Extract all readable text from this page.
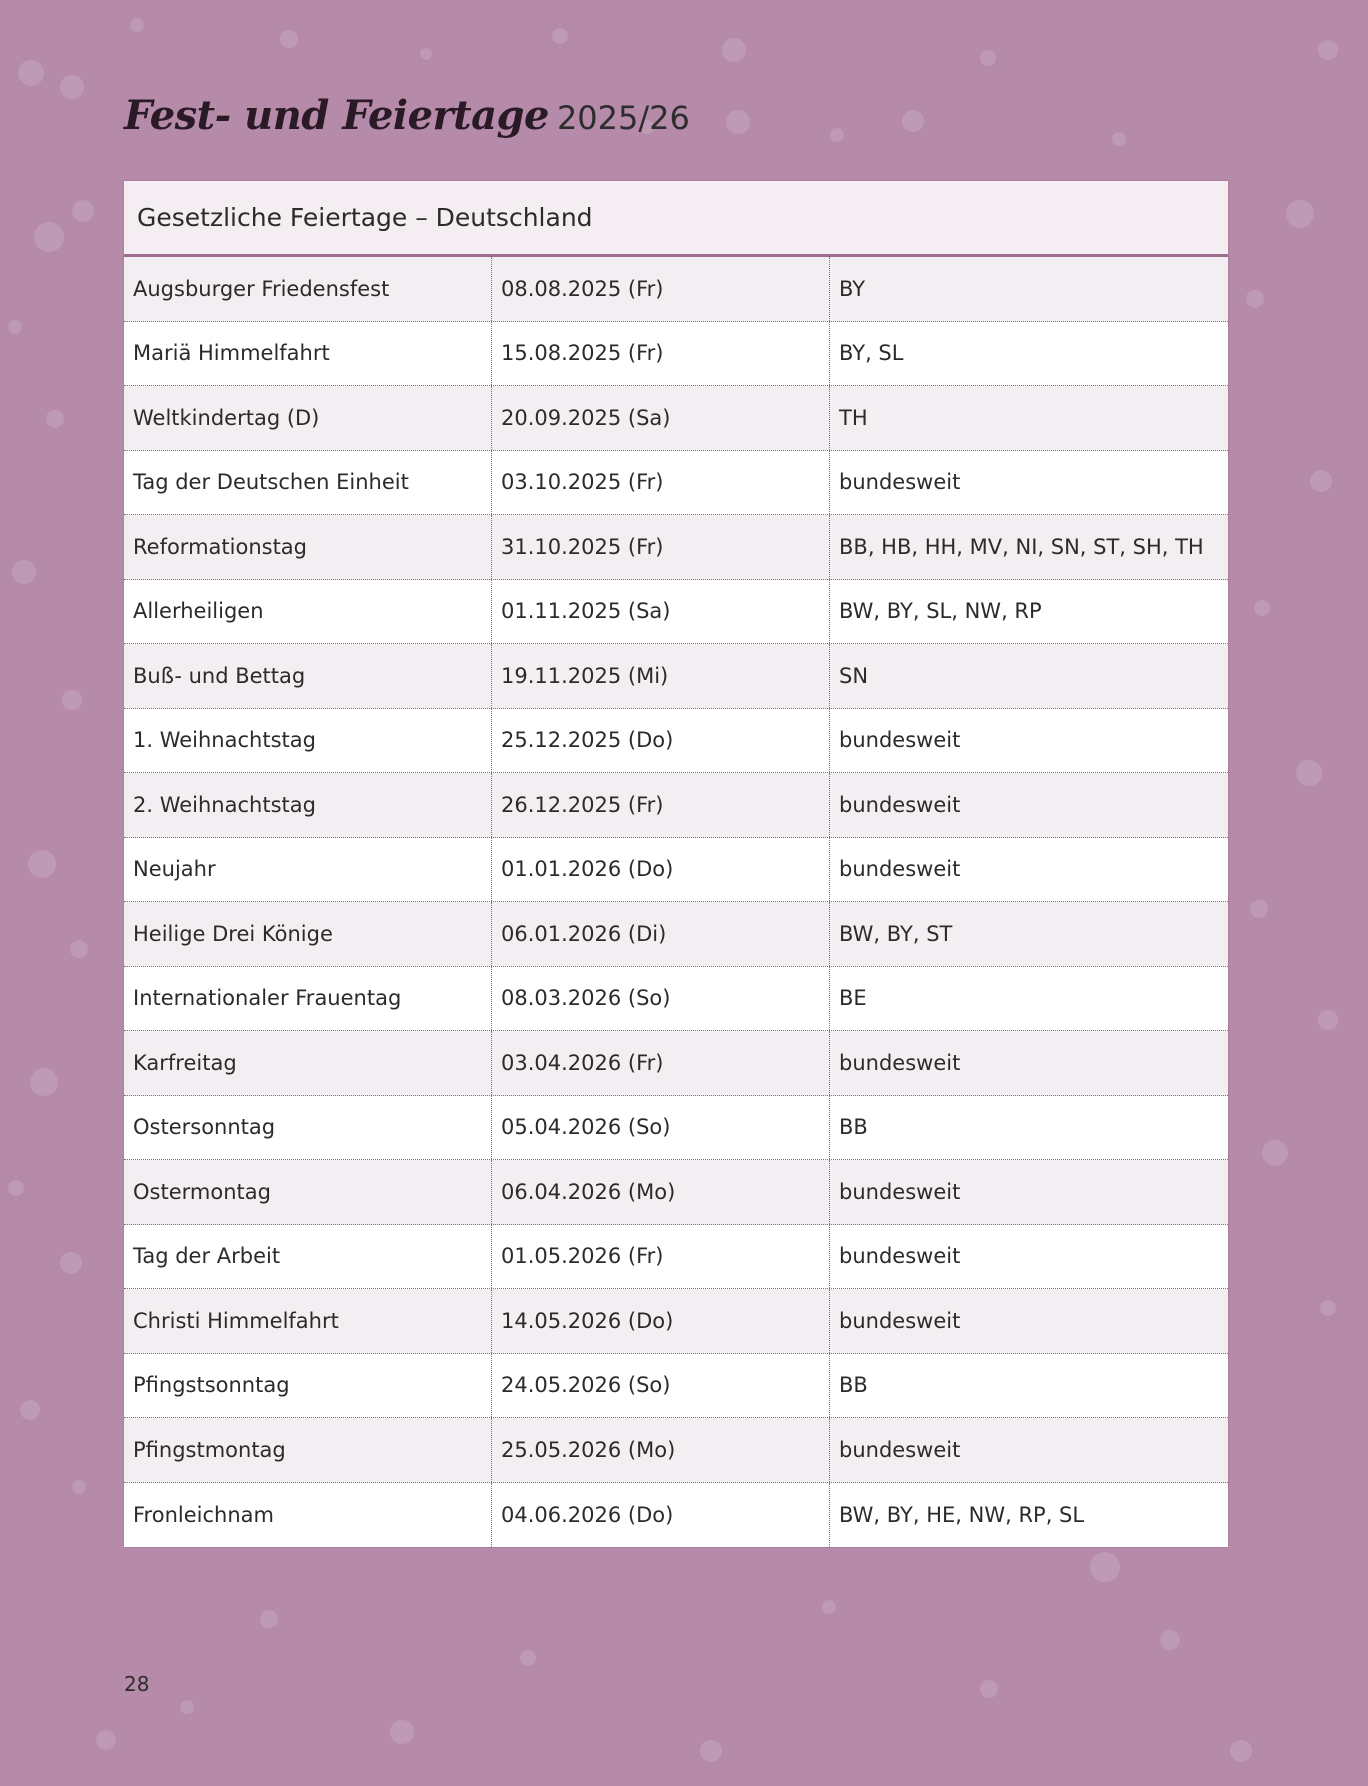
Fest- und Feiertage 2025/26
Gesetzliche Feiertage – Deutschland
Augsburger Friedensfest	08.08.2025 (Fr)	BY
Mariä Himmelfahrt	15.08.2025 (Fr)	BY, SL
Weltkindertag (D)	20.09.2025 (Sa)	TH
Tag der Deutschen Einheit	03.10.2025 (Fr)	bundesweit
Reformationstag	31.10.2025 (Fr)	BB, HB, HH, MV, NI, SN, ST, SH, TH
Allerheiligen	01.11.2025 (Sa)	BW, BY, SL, NW, RP
Buß- und Bettag	19.11.2025 (Mi)	SN
1. Weihnachtstag	25.12.2025 (Do)	bundesweit
2. Weihnachtstag	26.12.2025 (Fr)	bundesweit
Neujahr	01.01.2026 (Do)	bundesweit
Heilige Drei Könige	06.01.2026 (Di)	BW, BY, ST
Internationaler Frauentag	08.03.2026 (So)	BE
Karfreitag	03.04.2026 (Fr)	bundesweit
Ostersonntag	05.04.2026 (So)	BB
Ostermontag	06.04.2026 (Mo)	bundesweit
Tag der Arbeit	01.05.2026 (Fr)	bundesweit
Christi Himmelfahrt	14.05.2026 (Do)	bundesweit
Pfingstsonntag	24.05.2026 (So)	BB
Pfingstmontag	25.05.2026 (Mo)	bundesweit
Fronleichnam	04.06.2026 (Do)	BW, BY, HE, NW, RP, SL
28
